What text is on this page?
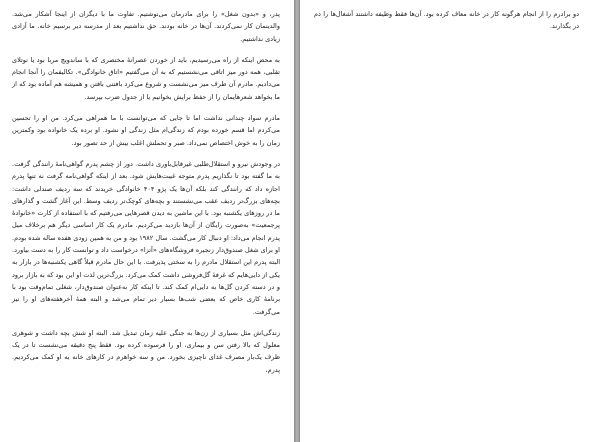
پدر، و «بدون شغل» را برای مادرمان می‌نوشتیم. تفاوت ما با دیگران از اینجا آشکار می‌شد. والدینمان کار نمی‌کردند. آن‌ها در خانه بودند. حق نداشتیم بعد از مدرسه دیر برسیم خانه. ما آزادی زیادی نداشتیم.

به محض اینکه از راه می‌رسیدیم، باید از خوردن عصرانهٔ مختصری که با ساندویچ مربا بود یا نوتلای تقلبی، همه دور میز اتاقی می‌نشستیم که به آن می‌گفتیم «اتاق خانوادگی». تکالیفمان را آنجا انجام می‌دادیم. مادرم آن طرف میز می‌نشست و شروع می‌کرد بافتنی بافتن و همیشه هم آماده بود که از ما بخواهد شعرهایمان را از حفظ برایش بخوانیم یا از جدول ضرب بپرسد.

مادرم سواد چندانی نداشت اما تا جایی که می‌توانست با ما همراهی می‌کرد. من او را تحسین می‌کردم اما قسم خورده بودم که زندگی‌ام مثل زندگی او نشود. او برده یک خانواده بود وکمترین زمان را به خوش اختصاص نمی‌داد. صبر و تحملش اغلب بیش از حد تصور بود.

در وجودش نیرو و استقلال‌طلبی غیرقابل‌باوری داشت. دور از چشم پدرم گواهی‌نامهٔ رانندگی گرفت. به ما گفته بود تا نگذاریم پدرم متوجه غیبت‌هایش شود. بعد از اینکه گواهی‌نامه گرفت نه تنها پدرم اجازه داد که رانندگی کند بلکه آن‌ها یک پژو ۴۰۴ خانوادگی خریدند که سه ردیف صندلی داشت: بچه‌های بزرگ‌تر ردیف عقب می‌نشستند و بچه‌های کوچک‌تر ردیف وسط. این آغاز گشت و گذارهای ما در روزهای یکشنبه بود. با این ماشین به دیدن قصرهایی می‌رفتیم که با استفاده از کارت «خانوادهٔ پرجمعیت» به‌صورت رایگان از آن‌ها بازدید می‌کردیم. مادرم یک کار اساسی دیگر هم برخلاف میل پدرم انجام می‌داد: او دنبال کار می‌گشت. سال ۱۹۸۲ بود و من به همین زودی هفده ساله شده بودم. او برای شغل صندوق‌دار زنجیره فروشگاه‌های «آتزا» درخواست داد و توانست کار را به دست بیاورد. البته پدرم این استقلال مادرم را به سختی پذیرفت. با این حال مادرم قبلاً گاهی یکشنبه‌ها در بازار به یکی از دایی‌هایم که غرفهٔ گل‌فروشی داشت کمک می‌کرد. بزرگ‌ترین لذت او این بود که به بازار برود و در دسته کردن گل‌ها به دایی‌ام کمک کند. تا اینکه کار به‌عنوان صندوق‌دار، شغلی تمام‌وقت بود با برنامهٔ کاری خاص که بعضی شب‌ها بسیار دیر تمام می‌شد و البته همهٔ آخرهفته‌های او را نیز می‌گرفت.

زندگی‌اش مثل بسیاری از زن‌ها به جنگی علیه زمان تبدیل شد. البته او شش بچه داشت و شوهری معلول که بالا رفتن سن و بیماری، او را فرسوده کرده بود. فقط پنج دقیقه می‌نشست تا در یک ظرف یک‌بار مصرف غذای ناچیزی بخورد. من و سه خواهرم در کارهای خانه به او کمک می‌کردیم. پدرم،

دو برادرم را از انجام هرگونه کار در خانه معاف کرده بود. آن‌ها فقط وظیفه داشتند آشغال‌ها را دم در بگذارند.
